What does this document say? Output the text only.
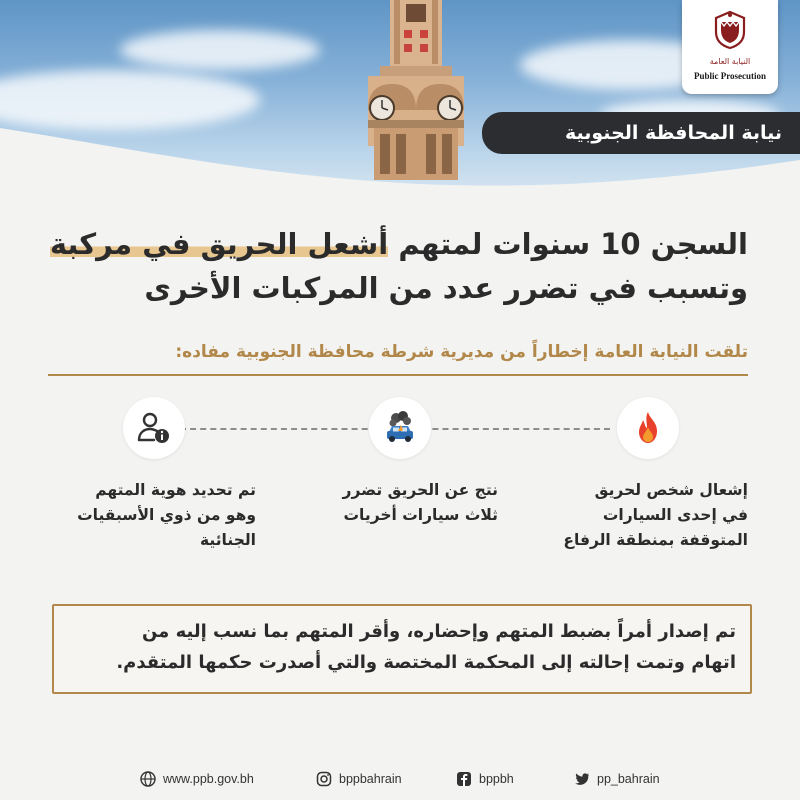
النيابة العامة
Public Prosecution
نيابة المحافظة الجنوبية
السجن 10 سنوات لمتهم أشعل الحريق في مركبة
وتسبب في تضرر عدد من المركبات الأخرى
تلقت النيابة العامة إخطاراً من مديرية شرطة محافظة الجنوبية مفاده:
إشعال شخص لحريق
في إحدى السيارات
المتوقفة بمنطقة الرفاع
نتج عن الحريق تضرر
ثلاث سيارات أخريات
تم تحديد هوية المتهم
وهو من ذوي الأسبقيات
الجنائية
تم إصدار أمراً بضبط المتهم وإحضاره، وأقر المتهم بما نسب إليه من
اتهام وتمت إحالته إلى المحكمة المختصة والتي أصدرت حكمها المتقدم.
www.ppb.gov.bh	bppbahrain	bppbh	pp_bahrain
